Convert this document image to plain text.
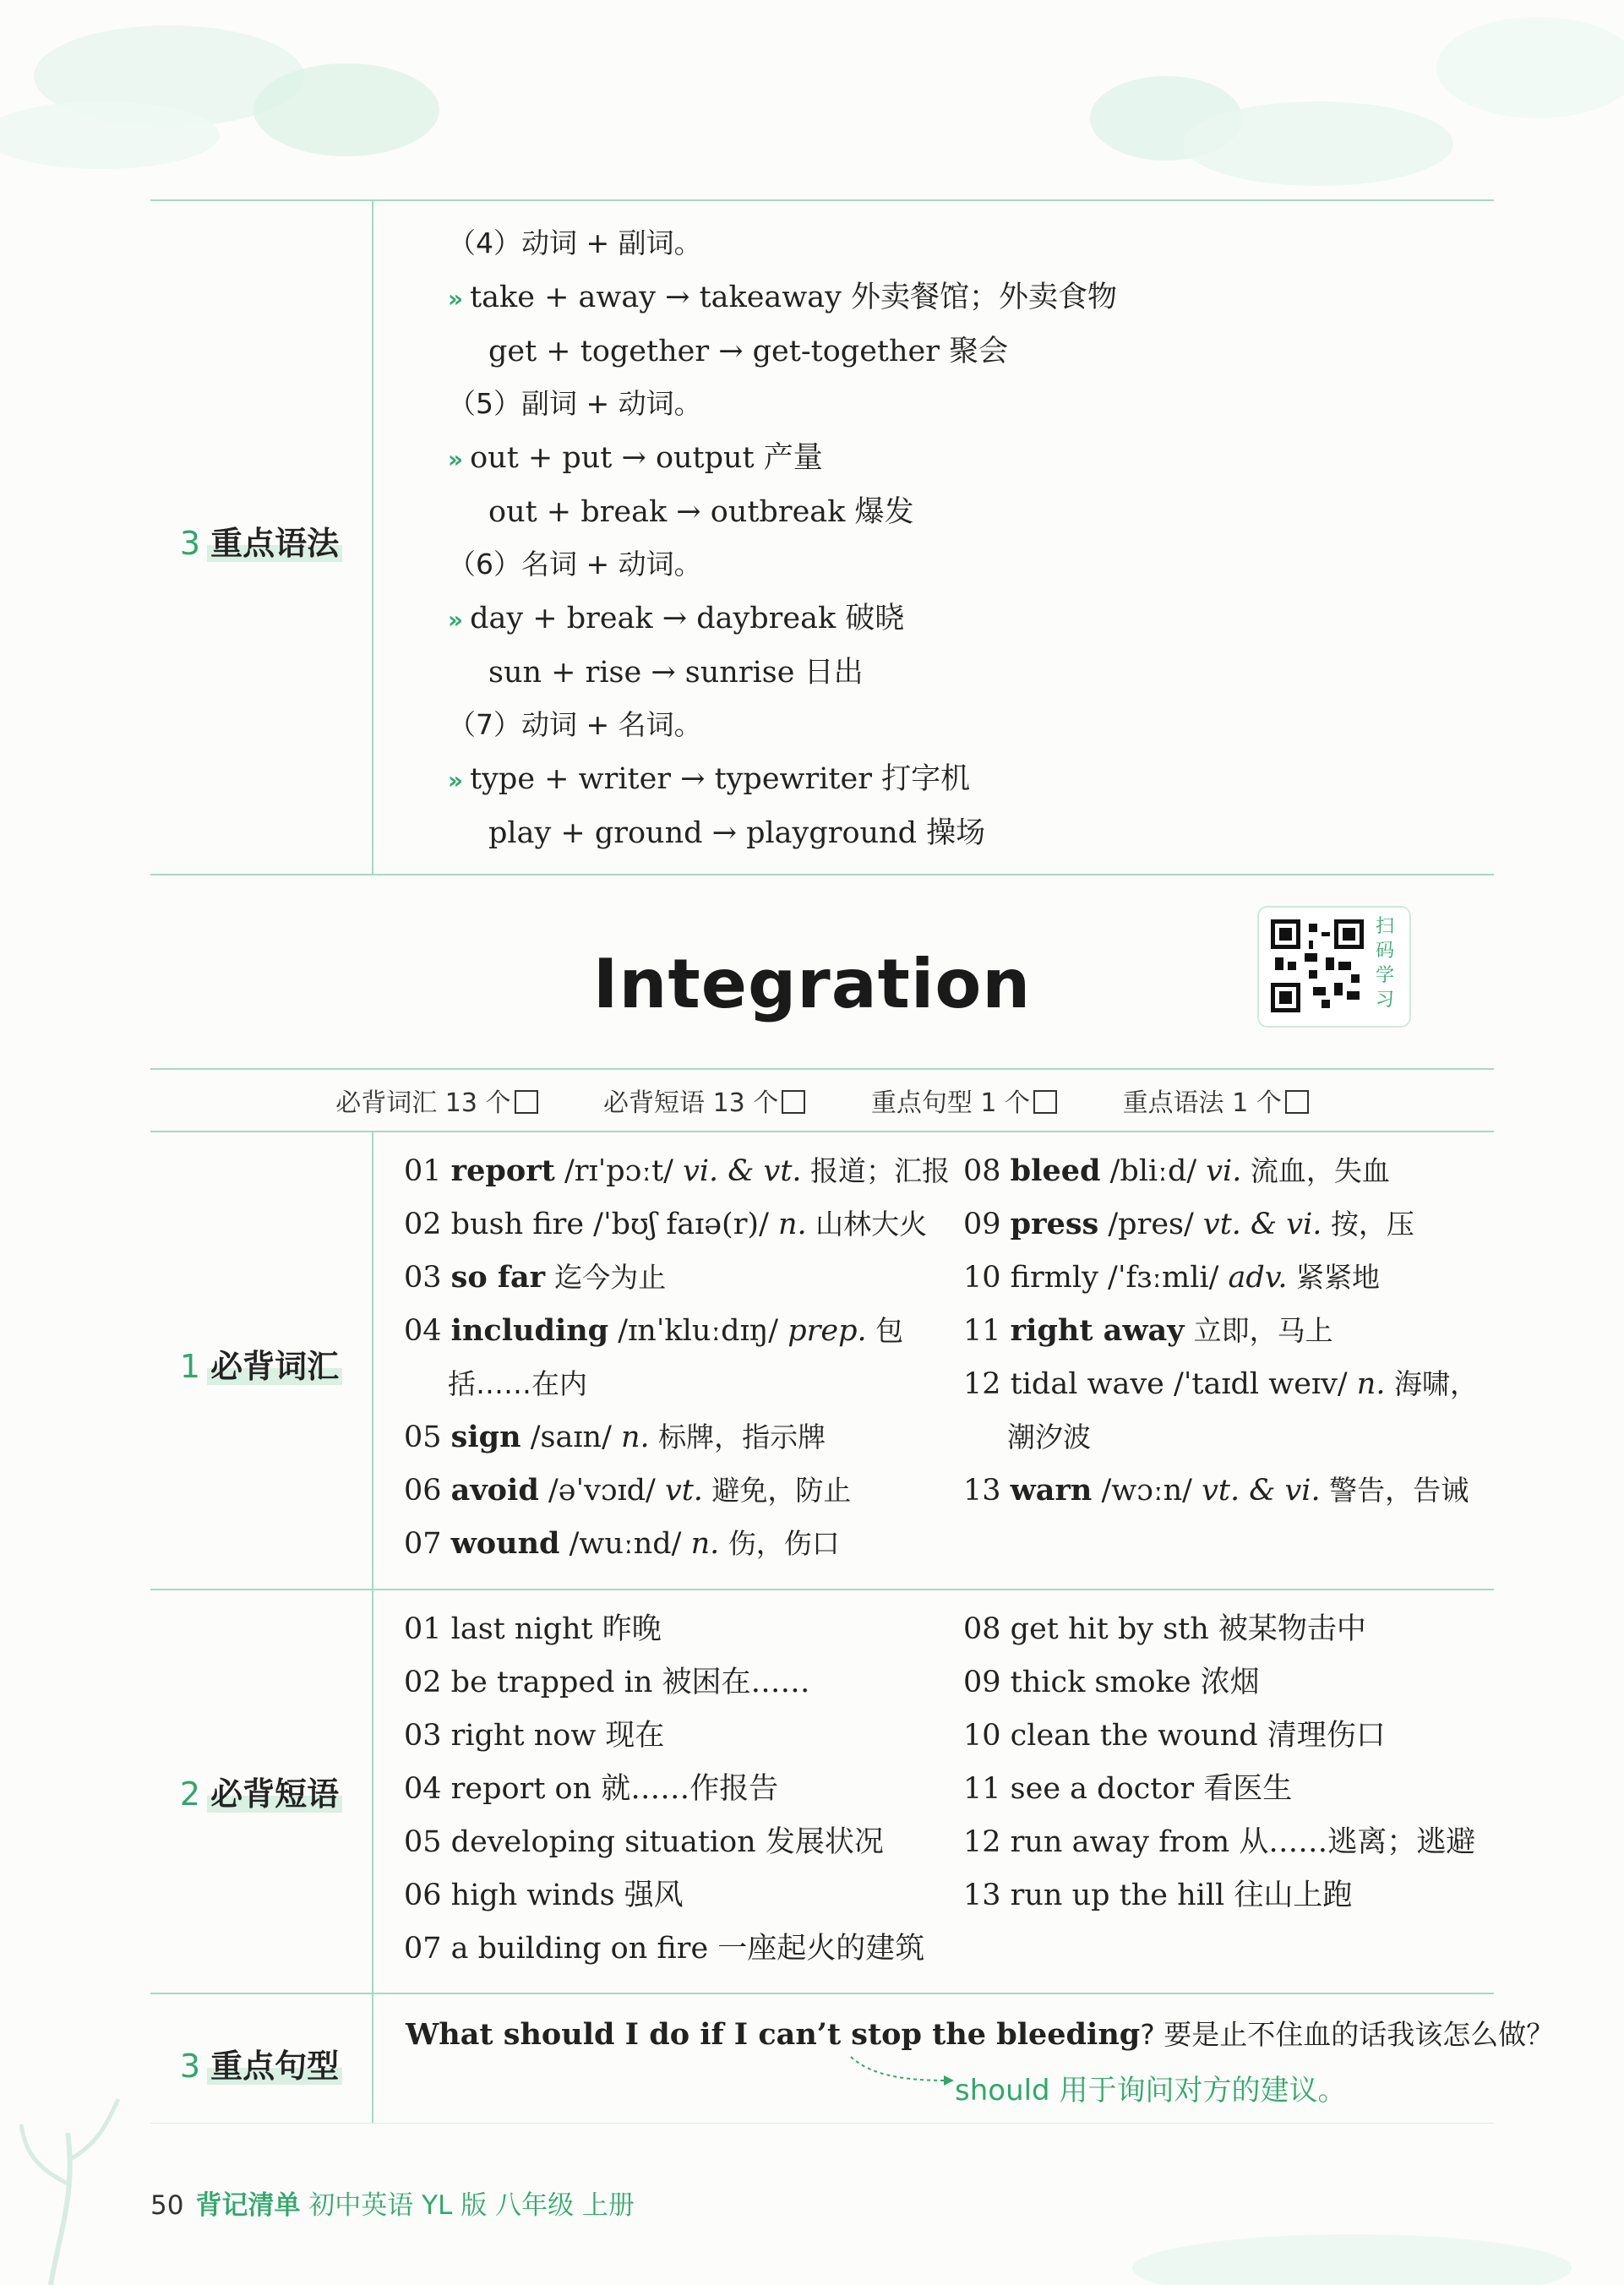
3 重点语法
（4）动词 + 副词。
» take + away → takeaway 外卖餐馆；外卖食物
get + together → get-together 聚会
（5）副词 + 动词。
» out + put → output 产量
out + break → outbreak 爆发
（6）名词 + 动词。
» day + break → daybreak 破晓
sun + rise → sunrise 日出
（7）动词 + 名词。
» type + writer → typewriter 打字机
play + ground → playground 操场
Integration
扫码学习
必背词汇 13 个	必背短语 13 个	重点句型 1 个	重点语法 1 个
1 必背词汇
01 report /rɪˈpɔːt/ vi. & vt. 报道；汇报
02 bush fire /ˈbʊʃ faɪə(r)/ n. 山林大火
03 so far 迄今为止
04 including /ɪnˈkluːdɪŋ/ prep. 包
括……在内
05 sign /saɪn/ n. 标牌，指示牌
06 avoid /əˈvɔɪd/ vt. 避免，防止
07 wound /wuːnd/ n. 伤，伤口
08 bleed /bliːd/ vi. 流血，失血
09 press /pres/ vt. & vi. 按，压
10 firmly /ˈfɜːmli/ adv. 紧紧地
11 right away 立即，马上
12 tidal wave /ˈtaɪdl weɪv/ n. 海啸，
潮汐波
13 warn /wɔːn/ vt. & vi. 警告，告诫
2 必背短语
01 last night 昨晚
02 be trapped in 被困在……
03 right now 现在
04 report on 就……作报告
05 developing situation 发展状况
06 high winds 强风
07 a building on fire 一座起火的建筑
08 get hit by sth 被某物击中
09 thick smoke 浓烟
10 clean the wound 清理伤口
11 see a doctor 看医生
12 run away from 从……逃离；逃避
13 run up the hill 往山上跑
3 重点句型
What should I do if I can’t stop the bleeding? 要是止不住血的话我该怎么做？
should 用于询问对方的建议。
50 背记清单 初中英语 YL 版 八年级 上册
